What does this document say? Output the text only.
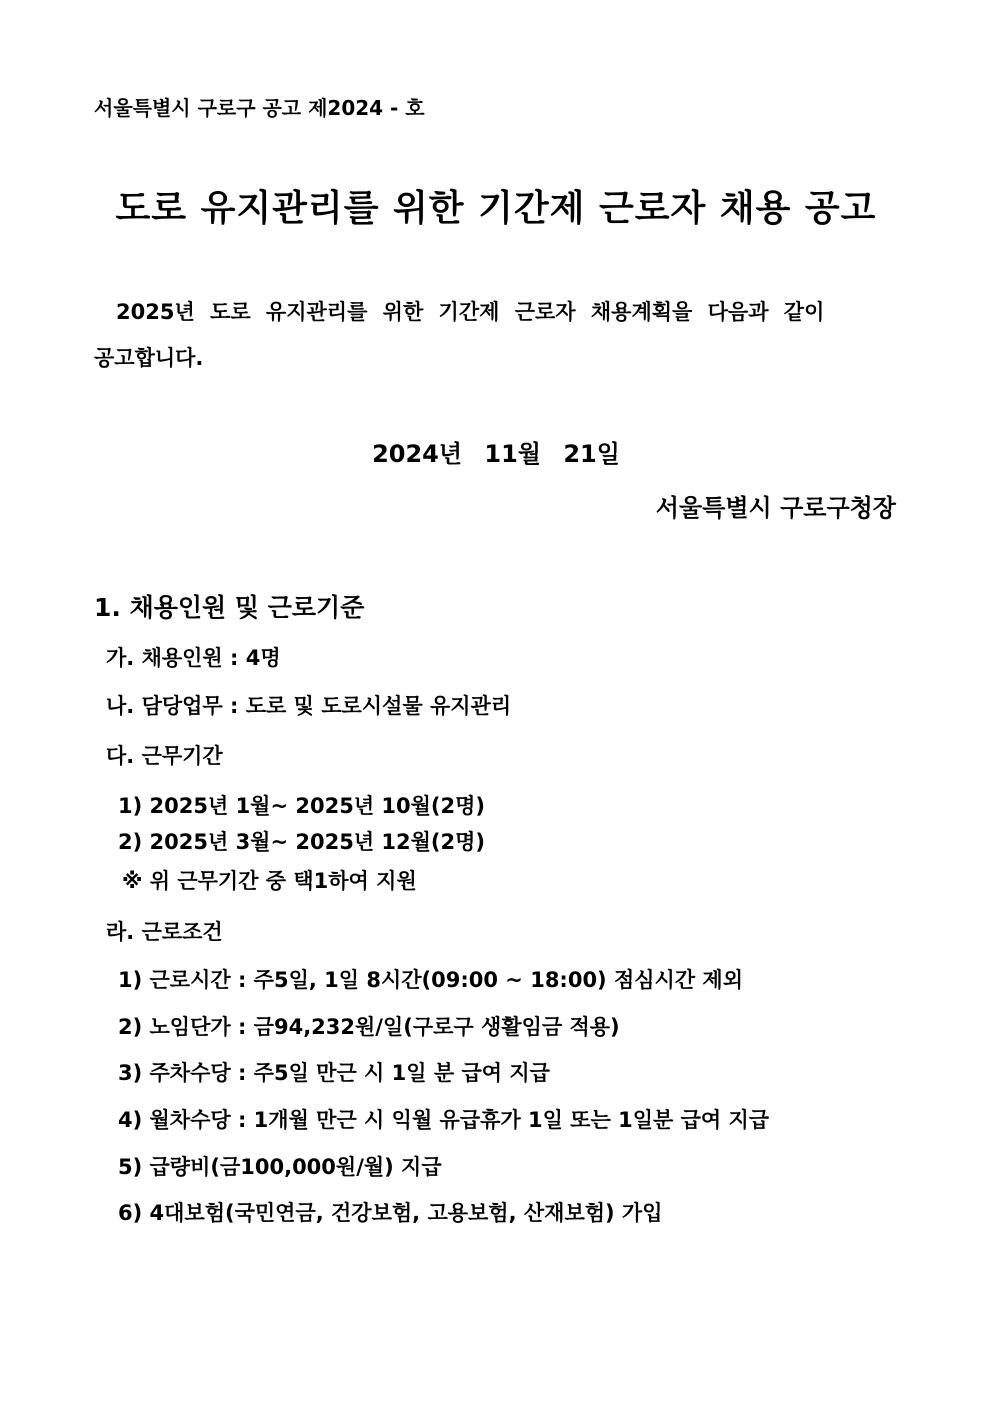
서울특별시 구로구 공고 제2024 - 호
도로 유지관리를 위한 기간제 근로자 채용 공고
2025년 도로 유지관리를 위한 기간제 근로자 채용계획을 다음과 같이
공고합니다.
2024년 11월 21일
서울특별시 구로구청장
1. 채용인원 및 근로기준
가. 채용인원 : 4명
나. 담당업무 : 도로 및 도로시설물 유지관리
다. 근무기간
1) 2025년 1월~ 2025년 10월(2명)
2) 2025년 3월~ 2025년 12월(2명)
※ 위 근무기간 중 택1하여 지원
라. 근로조건
1) 근로시간 : 주5일, 1일 8시간(09:00 ~ 18:00) 점심시간 제외
2) 노임단가 : 금94,232원/일(구로구 생활임금 적용)
3) 주차수당 : 주5일 만근 시 1일 분 급여 지급
4) 월차수당 : 1개월 만근 시 익월 유급휴가 1일 또는 1일분 급여 지급
5) 급량비(금100,000원/월) 지급
6) 4대보험(국민연금, 건강보험, 고용보험, 산재보험) 가입
